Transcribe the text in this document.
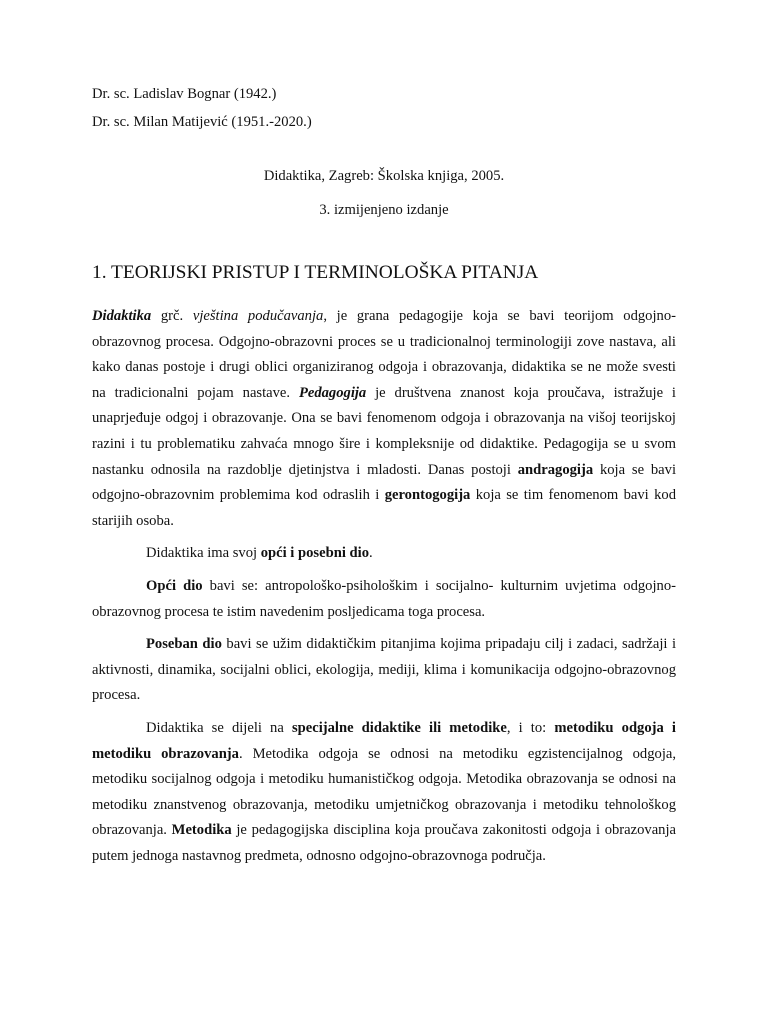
Dr. sc. Ladislav Bognar (1942.)
Dr. sc. Milan Matijević (1951.-2020.)

Didaktika, Zagreb: Školska knjiga, 2005.

3. izmijenjeno izdanje

1. TEORIJSKI PRISTUP I TERMINOLOŠKA PITANJA

Didaktika grč. vještina podučavanja, je grana pedagogije koja se bavi teorijom odgojno-obrazovnog procesa. Odgojno-obrazovni proces se u tradicionalnoj terminologiji zove nastava, ali kako danas postoje i drugi oblici organiziranog odgoja i obrazovanja, didaktika se ne može svesti na tradicionalni pojam nastave. Pedagogija je društvena znanost koja proučava, istražuje i unaprjeđuje odgoj i obrazovanje. Ona se bavi fenomenom odgoja i obrazovanja na višoj teorijskoj razini i tu problematiku zahvaća mnogo šire i kompleksnije od didaktike. Pedagogija se u svom nastanku odnosila na razdoblje djetinjstva i mladosti. Danas postoji andragogija koja se bavi odgojno-obrazovnim problemima kod odraslih i gerontogogija koja se tim fenomenom bavi kod starijih osoba.

Didaktika ima svoj opći i posebni dio.

Opći dio bavi se: antropološko-psihološkim i socijalno- kulturnim uvjetima odgojno-obrazovnog procesa te istim navedenim posljedicama toga procesa.

Poseban dio bavi se užim didaktičkim pitanjima kojima pripadaju cilj i zadaci, sadržaji i aktivnosti, dinamika, socijalni oblici, ekologija, mediji, klima i komunikacija odgojno-obrazovnog procesa.

Didaktika se dijeli na specijalne didaktike ili metodike, i to: metodiku odgoja i metodiku obrazovanja. Metodika odgoja se odnosi na metodiku egzistencijalnog odgoja, metodiku socijalnog odgoja i metodiku humanističkog odgoja. Metodika obrazovanja se odnosi na metodiku znanstvenog obrazovanja, metodiku umjetničkog obrazovanja i metodiku tehnološkog obrazovanja. Metodika je pedagogijska disciplina koja proučava zakonitosti odgoja i obrazovanja putem jednoga nastavnog predmeta, odnosno odgojno-obrazovnoga područja.
